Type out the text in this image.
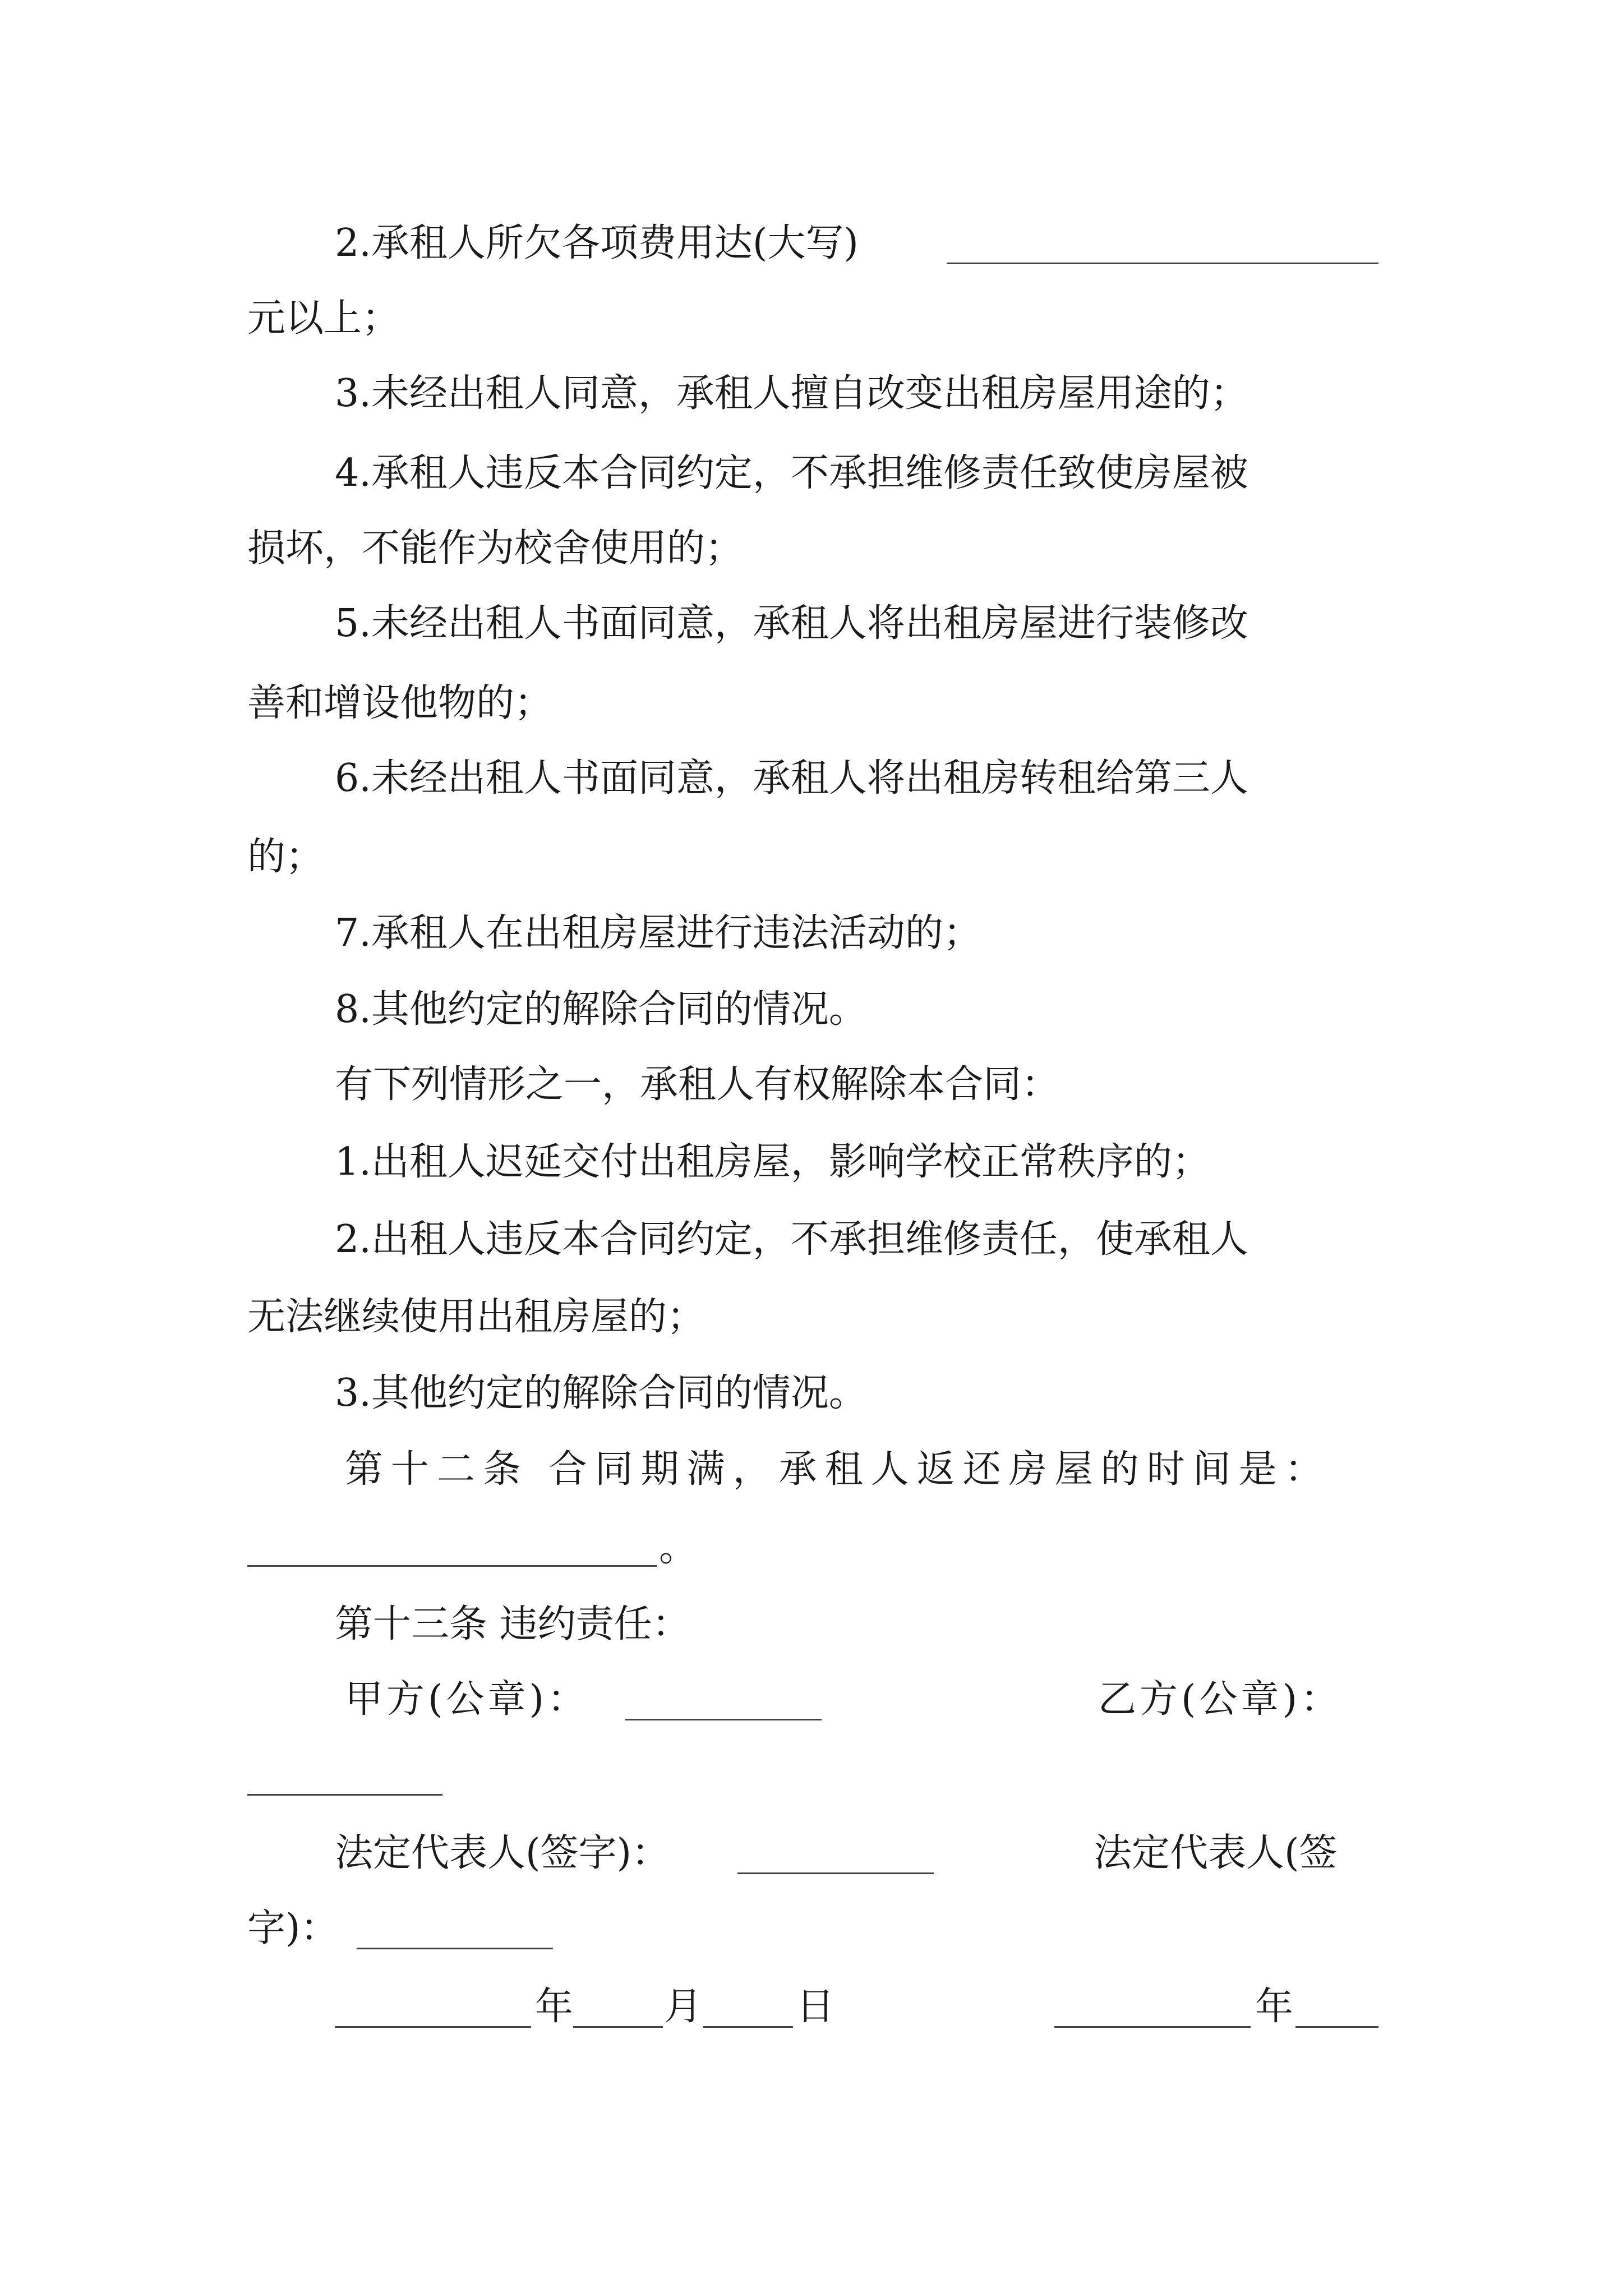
2.承租人所欠各项费用达(大写)
元以上；
3.未经出租人同意，承租人擅自改变出租房屋用途的；
4.承租人违反本合同约定，不承担维修责任致使房屋被
损坏，不能作为校舍使用的；
5.未经出租人书面同意，承租人将出租房屋进行装修改
善和增设他物的；
6.未经出租人书面同意，承租人将出租房转租给第三人
的；
7.承租人在出租房屋进行违法活动的；
8.其他约定的解除合同的情况。
有下列情形之一，承租人有权解除本合同：
1.出租人迟延交付出租房屋，影响学校正常秩序的；
2.出租人违反本合同约定，不承担维修责任，使承租人
无法继续使用出租房屋的；
3.其他约定的解除合同的情况。
第十二条 合同期满，承租人返还房屋的时间是：
。
第十三条 违约责任：
甲方(公章)：	乙方(公章)：
法定代表人(签字)：	法定代表人(签
字)：
年 月 日	年
